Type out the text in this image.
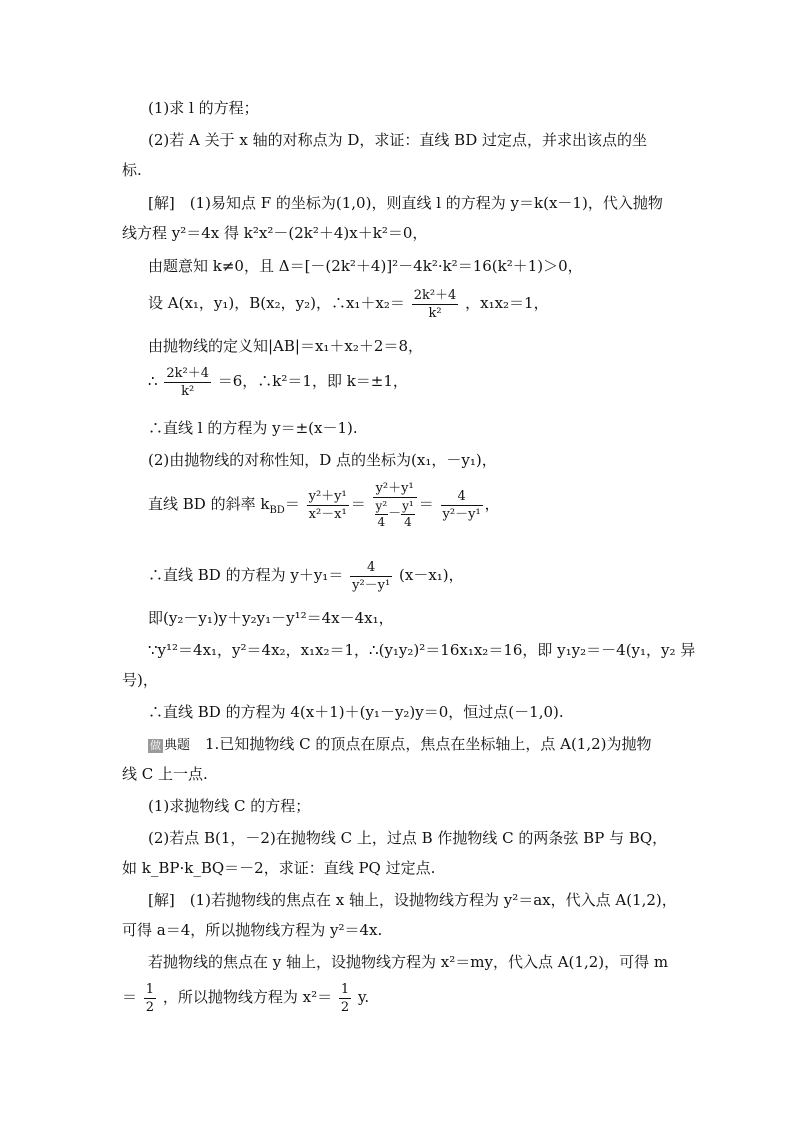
(1)求 l 的方程；
(2)若 A 关于 x 轴的对称点为 D，求证：直线 BD 过定点，并求出该点的坐
标.
[解]　(1)易知点 F 的坐标为(1,0)，则直线 l 的方程为 y＝k(x－1)，代入抛物
线方程 y²＝4x 得 k²x²－(2k²＋4)x＋k²＝0，
由题意知 k≠0，且 Δ＝[－(2k²＋4)]²－4k²·k²＝16(k²＋1)＞0，
设 A(x₁，y₁)，B(x₂，y₂)，∴x₁＋x₂＝ $\frac{\text{2k²＋4}}{\text{k²}}$ ，x₁x₂＝1，
由抛物线的定义知|AB|＝x₁＋x₂＋2＝8，
∴ $\frac{\text{2k²＋4}}{\text{k²}} =6$，∴k²＝1，即 k＝±1，
∴直线 l 的方程为 y＝±(x－1).
(2)由抛物线的对称性知，D 点的坐标为(x₁，－y₁)，
直线 BD 的斜率 $k_{BD}= \frac{\text{y²＋y¹}}{\text{x²－x¹}} = \frac{\text{y²＋y¹}}{\frac{\text{y²}}{4} -\frac{\text{y¹}}{4}} = \frac{4}{\text{y²－y¹}}$ ，
∴直线 BD 的方程为 $y+y_1= \frac{4}{\text{y²－y¹}} (x-x_1)$，
即(y₂－y₁)y＋y₂y₁－y¹²＝4x－4x₁，
∵y¹²＝4x₁，y²＝4x₂，x₁x₂＝1，∴(y₁y₂)²＝16x₁x₂＝16，即 y₁y₂＝－4(y₁，y₂ 异
号)，
∴直线 BD 的方程为 4(x＋1)＋(y₁－y₂)y＝0，恒过点(－1,0).
做 典题　1.已知抛物线 C 的顶点在原点，焦点在坐标轴上，点 A(1,2)为抛物
线 C 上一点.
(1)求抛物线 C 的方程；
(2)若点 B(1，－2)在抛物线 C 上，过点 B 作抛物线 C 的两条弦 BP 与 BQ，
如 k_BP·k_BQ＝－2，求证：直线 PQ 过定点.
[解]　(1)若抛物线的焦点在 x 轴上，设抛物线方程为 y²＝ax，代入点 A(1,2)，
可得 a＝4，所以抛物线方程为 y²＝4x.
若抛物线的焦点在 y 轴上，设抛物线方程为 x²＝my，代入点 A(1,2)，可得 m
＝ $\frac{1}{2}$ ，所以抛物线方程为 $x^2= \frac{1}{2} y$.
